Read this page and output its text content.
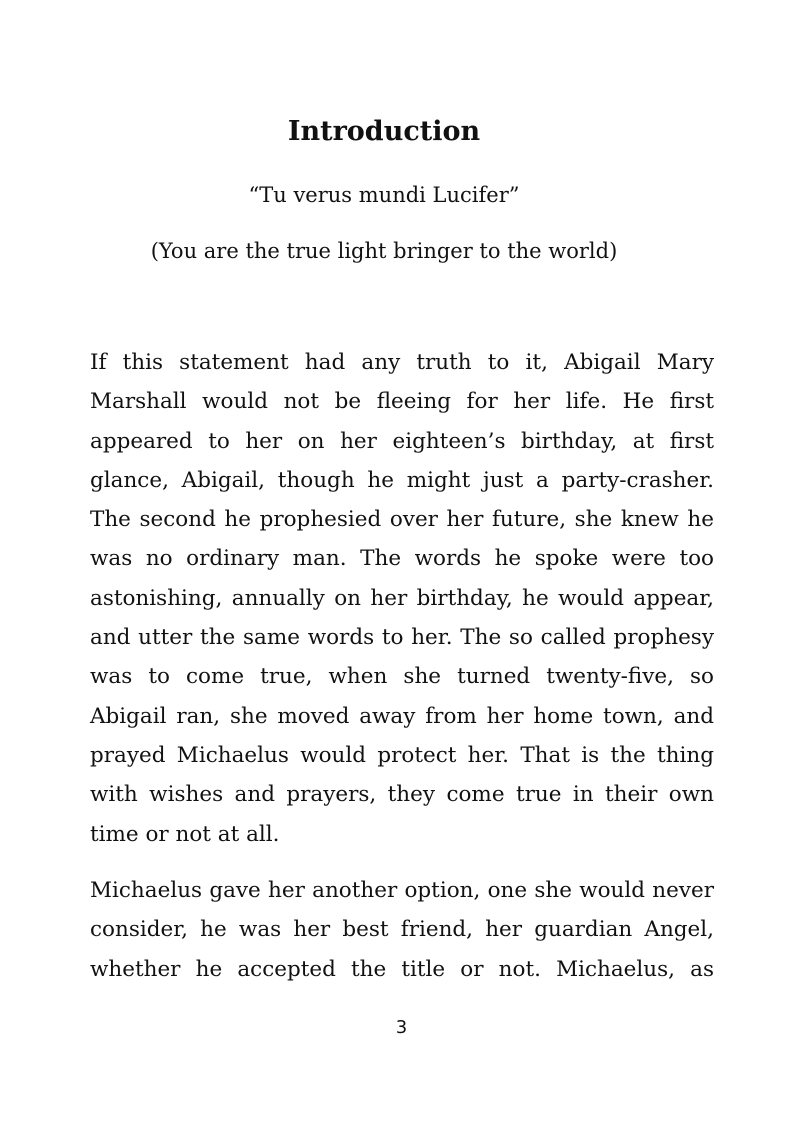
Introduction

“Tu verus mundi Lucifer”

(You are the true light bringer to the world)

If this statement had any truth to it, Abigail Mary Marshall would not be fleeing for her life. He first appeared to her on her eighteen’s birthday, at first glance, Abigail, though he might just a party-crasher. The second he prophesied over her future, she knew he was no ordinary man. The words he spoke were too astonishing, annually on her birthday, he would appear, and utter the same words to her. The so called prophesy was to come true, when she turned twenty-five, so Abigail ran, she moved away from her home town, and prayed Michaelus would protect her. That is the thing with wishes and prayers, they come true in their own time or not at all.

Michaelus gave her another option, one she would never consider, he was her best friend, her guardian Angel, whether he accepted the title or not. Michaelus, as

3
